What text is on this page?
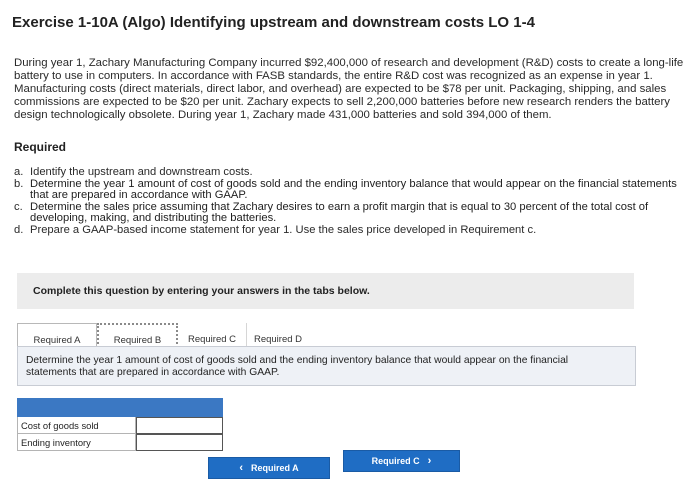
Exercise 1-10A (Algo) Identifying upstream and downstream costs LO 1-4
During year 1, Zachary Manufacturing Company incurred $92,400,000 of research and development (R&D) costs to create a long-life
battery to use in computers. In accordance with FASB standards, the entire R&D cost was recognized as an expense in year 1.
Manufacturing costs (direct materials, direct labor, and overhead) are expected to be $78 per unit. Packaging, shipping, and sales
commissions are expected to be $20 per unit. Zachary expects to sell 2,200,000 batteries before new research renders the battery
design technologically obsolete. During year 1, Zachary made 431,000 batteries and sold 394,000 of them.
Required
a. Identify the upstream and downstream costs.
b. Determine the year 1 amount of cost of goods sold and the ending inventory balance that would appear on the financial statements that are prepared in accordance with GAAP.
c. Determine the sales price assuming that Zachary desires to earn a profit margin that is equal to 30 percent of the total cost of developing, making, and distributing the batteries.
d. Prepare a GAAP-based income statement for year 1. Use the sales price developed in Requirement c.
Complete this question by entering your answers in the tabs below.
Required A	Required B	Required C	Required D
Determine the year 1 amount of cost of goods sold and the ending inventory balance that would appear on the financial statements that are prepared in accordance with GAAP.
Cost of goods sold
Ending inventory
‹ Required A
Required C ›
